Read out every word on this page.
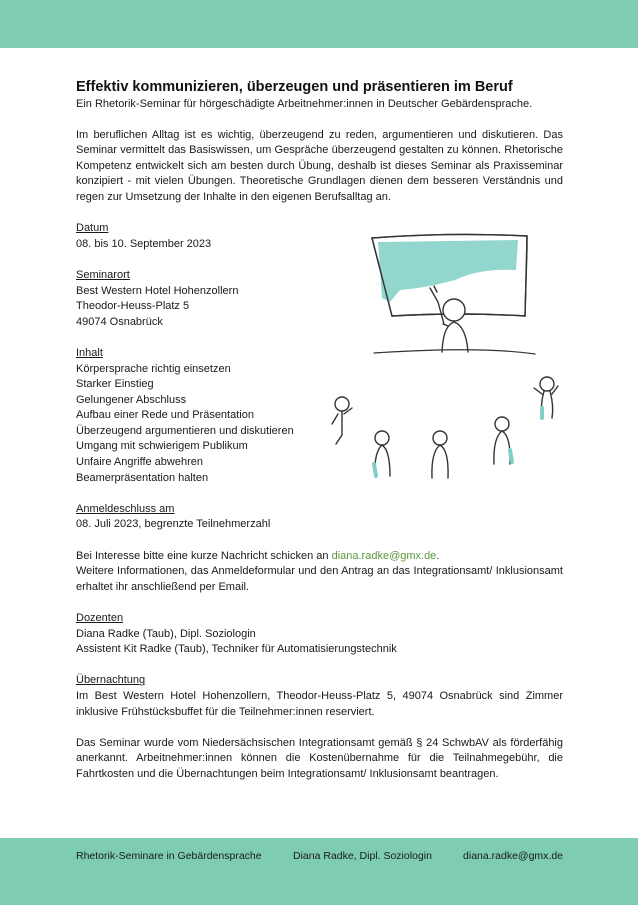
Effektiv kommunizieren, überzeugen und präsentieren im Beruf

Ein Rhetorik-Seminar für hörgeschädigte Arbeitnehmer:innen in Deutscher Gebärdensprache.

Im beruflichen Alltag ist es wichtig, überzeugend zu reden, argumentieren und diskutieren. Das Seminar vermittelt das Basiswissen, um Gespräche überzeugend gestalten zu können. Rhetorische Kompetenz entwickelt sich am besten durch Übung, deshalb ist dieses Seminar als Praxisseminar konzipiert - mit vielen Übungen. Theoretische Grundlagen dienen dem besseren Verständnis und regen zur Umsetzung der Inhalte in den eigenen Berufsalltag an.

Datum
08. bis 10. September 2023
Seminarort
Best Western Hotel Hohenzollern
Theodor-Heuss-Platz 5
49074 Osnabrück
Inhalt
Körpersprache richtig einsetzen
Starker Einstieg
Gelungener Abschluss
Aufbau einer Rede und Präsentation
Überzeugend argumentieren und diskutieren
Umgang mit schwierigem Publikum
Unfaire Angriffe abwehren
Beamerpräsentation halten
Anmeldeschluss am
08. Juli 2023, begrenzte Teilnehmerzahl
Bei Interesse bitte eine kurze Nachricht schicken an diana.radke@gmx.de.

Weitere Informationen, das Anmeldeformular und den Antrag an das Integrationsamt/ Inklusionsamt erhaltet ihr anschließend per Email.

Dozenten
Diana Radke (Taub), Dipl. Soziologin
Assistent Kit Radke (Taub), Techniker für Automatisierungstechnik
Übernachtung

Im Best Western Hotel Hohenzollern, Theodor-Heuss-Platz 5, 49074 Osnabrück sind Zimmer inklusive Frühstücksbuffet für die Teilnehmer:innen reserviert.

Das Seminar wurde vom Niedersächsischen Integrationsamt gemäß § 24 SchwbAV als förderfähig anerkannt. Arbeitnehmer:innen können die Kostenübernahme für die Teilnahmegebühr, die Fahrtkosten und die Übernachtungen beim Integrationsamt/ Inklusionsamt beantragen.

Rhetorik-Seminare in Gebärdensprache	Diana Radke, Dipl. Soziologin	diana.radke@gmx.de
